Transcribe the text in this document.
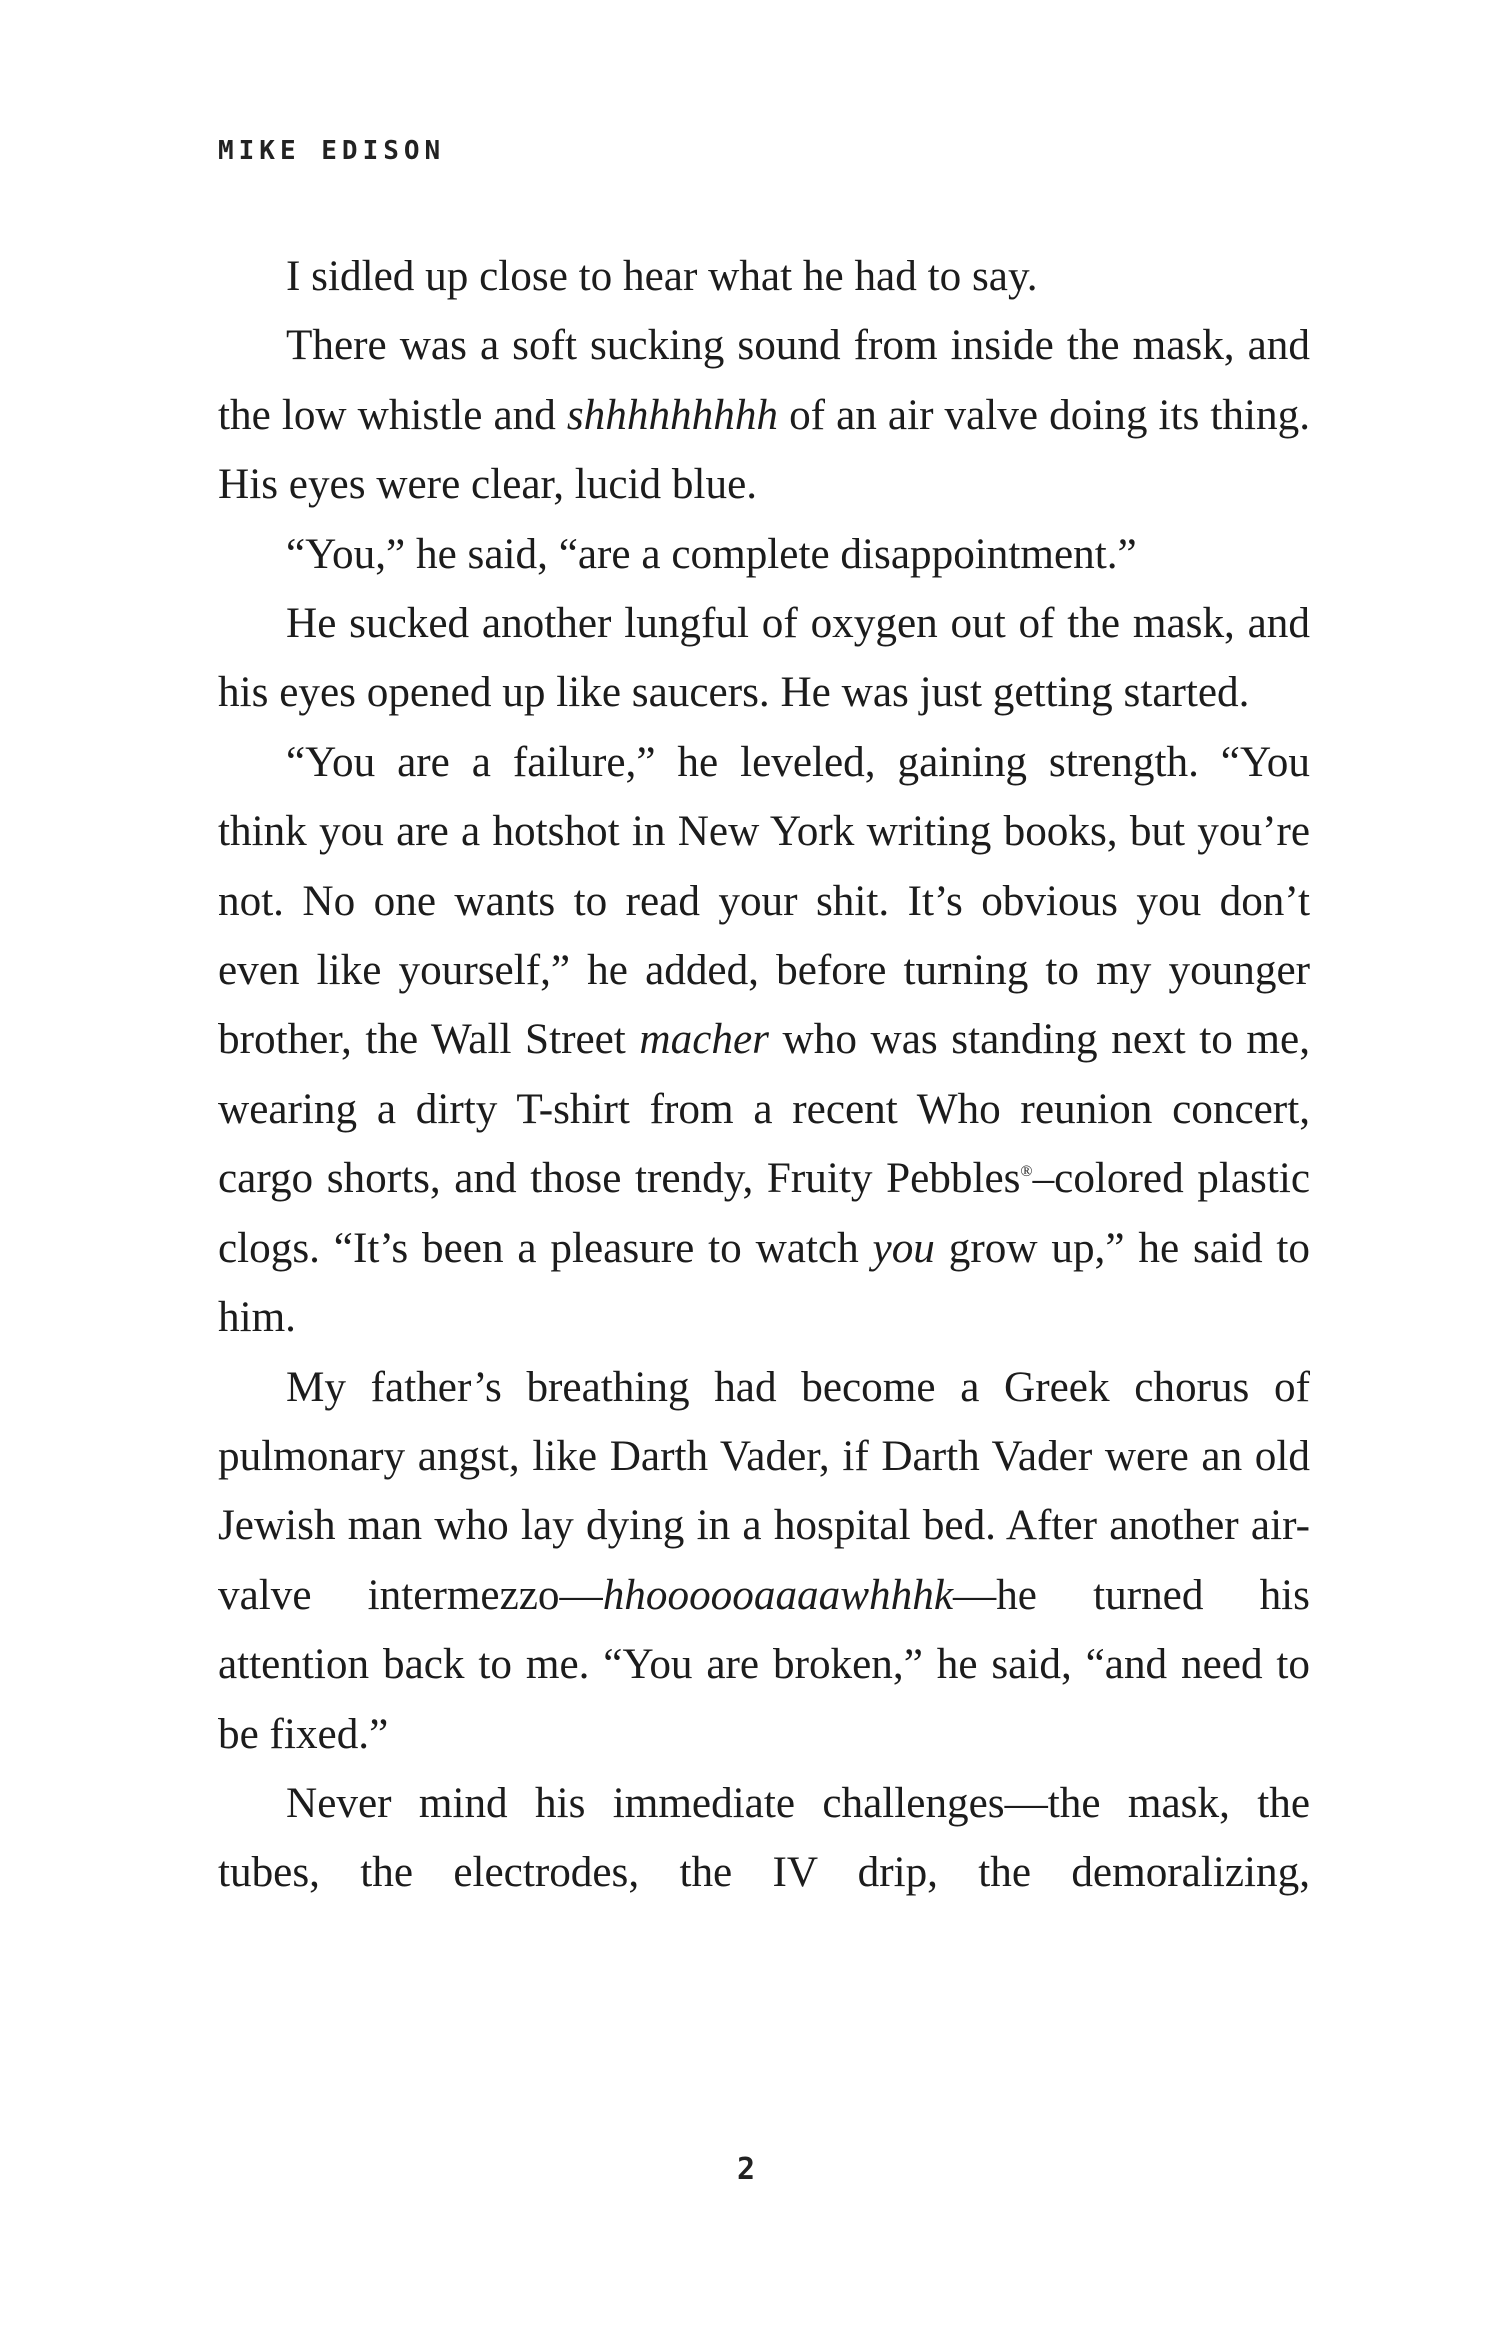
MIKE EDISON

I sidled up close to hear what he had to say.

There was a soft sucking sound from inside the mask, and the low whistle and shhhhhhhhh of an air valve doing its thing. His eyes were clear, lucid blue.

“You,” he said, “are a complete disappointment.”

He sucked another lungful of oxygen out of the mask, and his eyes opened up like saucers. He was just getting started.

“You are a failure,” he leveled, gaining strength. “You think you are a hotshot in New York writing books, but you’re not. No one wants to read your shit. It’s obvious you don’t even like yourself,” he added, before turning to my younger brother, the Wall Street macher who was standing next to me, wearing a dirty T-shirt from a recent Who reunion concert, cargo shorts, and those trendy, Fruity Pebbles®–colored plastic clogs. “It’s been a pleasure to watch you grow up,” he said to him.

My father’s breathing had become a Greek chorus of pulmonary angst, like Darth Vader, if Darth Vader were an old Jewish man who lay dying in a hospital bed. After another air-valve intermezzo—hhoooooaaaawhhhk—he turned his attention back to me. “You are broken,” he said, “and need to be fixed.”

Never mind his immediate challenges—the mask, the tubes, the electrodes, the IV drip, the demoralizing,

2
